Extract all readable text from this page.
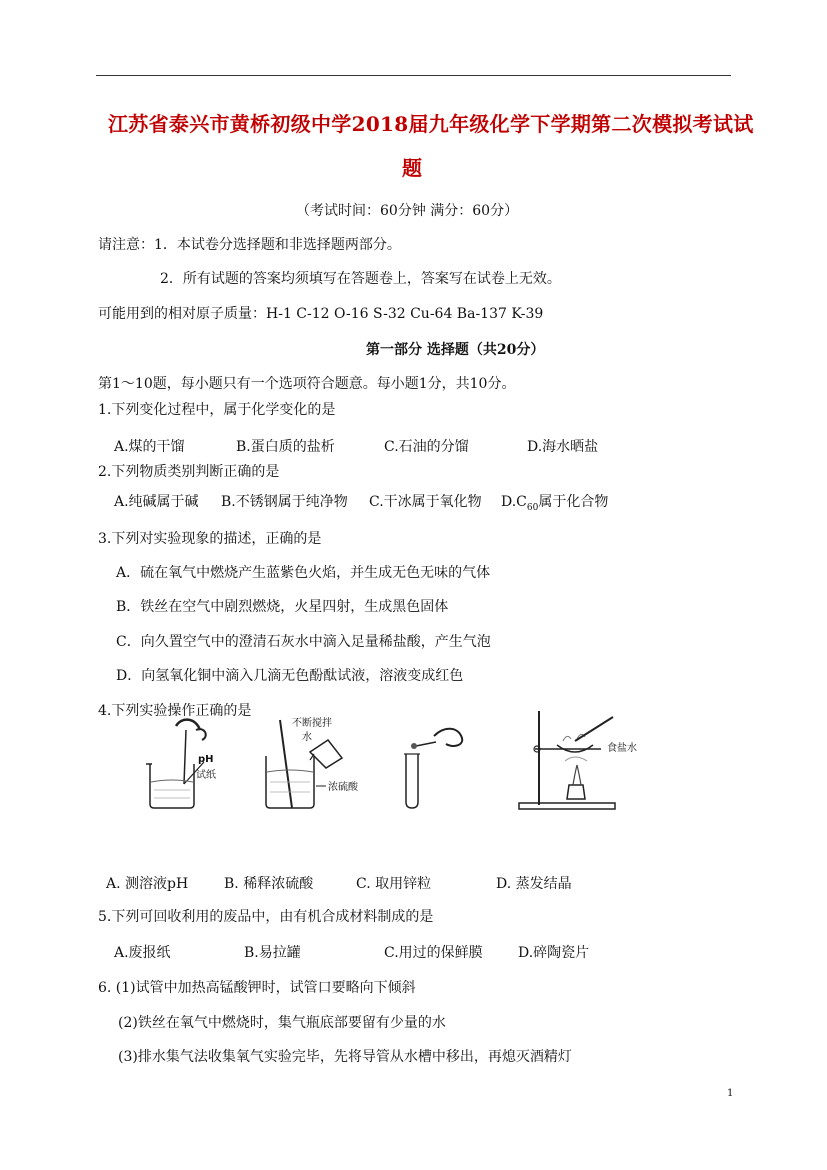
江苏省泰兴市黄桥初级中学2018届九年级化学下学期第二次模拟考试试
题
（考试时间：60分钟 满分：60分）
请注意：1．本试卷分选择题和非选择题两部分。
2．所有试题的答案均须填写在答题卷上，答案写在试卷上无效。
可能用到的相对原子质量：H-1 C-12 O-16 S-32 Cu-64 Ba-137 K-39
第一部分 选择题（共20分）
第1～10题，每小题只有一个选项符合题意。每小题1分，共10分。
1.下列变化过程中，属于化学变化的是
A.煤的干馏	B.蛋白质的盐析	C.石油的分馏	D.海水晒盐
2.下列物质类别判断正确的是
A.纯碱属于碱 B.不锈钢属于纯净物 C.干冰属于氧化物 $D.C_{60}$属于化合物
3.下列对实验现象的描述，正确的是
A．硫在氧气中燃烧产生蓝紫色火焰，并生成无色无味的气体
B．铁丝在空气中剧烈燃烧，火星四射，生成黑色固体
C．向久置空气中的澄清石灰水中滴入足量稀盐酸，产生气泡
D．向氢氧化铜中滴入几滴无色酚酞试液，溶液变成红色
4.下列实验操作正确的是
pH
试纸
不断搅拌
水
浓硫酸
食盐水
A. 测溶液pH	B. 稀释浓硫酸	C. 取用锌粒	D. 蒸发结晶
5.下列可回收利用的废品中，由有机合成材料制成的是
A.废报纸	B.易拉罐	C.用过的保鲜膜	D.碎陶瓷片
6. (1)试管中加热高锰酸钾时，试管口要略向下倾斜
(2)铁丝在氧气中燃烧时，集气瓶底部要留有少量的水
(3)排水集气法收集氧气实验完毕，先将导管从水槽中移出，再熄灭酒精灯
1
